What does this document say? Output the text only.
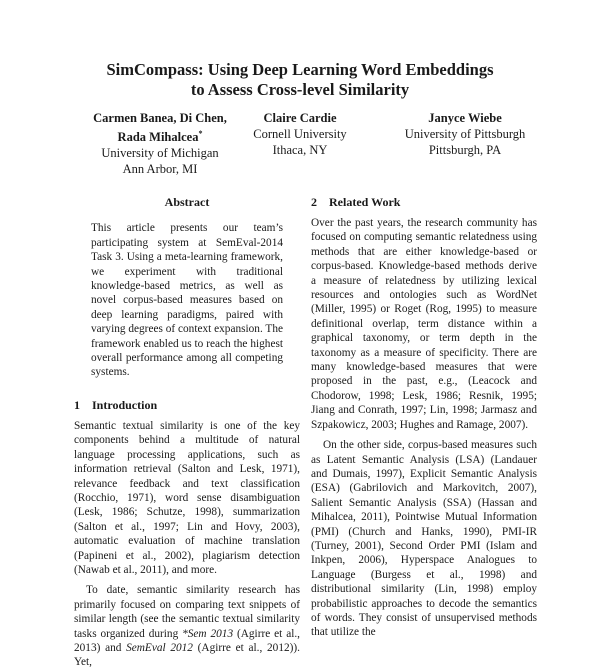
SimCompass: Using Deep Learning Word Embeddings
to Assess Cross-level Similarity
Carmen Banea, Di Chen,
Rada Mihalcea*
University of Michigan
Ann Arbor, MI
Claire Cardie
Cornell University
Ithaca, NY
Janyce Wiebe
University of Pittsburgh
Pittsburgh, PA
Abstract
This article presents our team’s participating system at SemEval-2014 Task 3. Using a meta-learning framework, we experiment with traditional knowledge-based metrics, as well as novel corpus-based measures based on deep learning paradigms, paired with varying degrees of context expansion. The framework enabled us to reach the highest overall performance among all competing systems.
1 Introduction

Semantic textual similarity is one of the key components behind a multitude of natural language processing applications, such as information retrieval (Salton and Lesk, 1971), relevance feedback and text classification (Rocchio, 1971), word sense disambiguation (Lesk, 1986; Schutze, 1998), summarization (Salton et al., 1997; Lin and Hovy, 2003), automatic evaluation of machine translation (Papineni et al., 2002), plagiarism detection (Nawab et al., 2011), and more.

To date, semantic similarity research has primarily focused on comparing text snippets of similar length (see the semantic textual similarity tasks organized during *Sem 2013 (Agirre et al., 2013) and SemEval 2012 (Agirre et al., 2012)). Yet,

2 Related Work

Over the past years, the research community has focused on computing semantic relatedness using methods that are either knowledge-based or corpus-based. Knowledge-based methods derive a measure of relatedness by utilizing lexical resources and ontologies such as WordNet (Miller, 1995) or Roget (Rog, 1995) to measure definitional overlap, term distance within a graphical taxonomy, or term depth in the taxonomy as a measure of specificity. There are many knowledge-based measures that were proposed in the past, e.g., (Leacock and Chodorow, 1998; Lesk, 1986; Resnik, 1995; Jiang and Conrath, 1997; Lin, 1998; Jarmasz and Szpakowicz, 2003; Hughes and Ramage, 2007).

On the other side, corpus-based measures such as Latent Semantic Analysis (LSA) (Landauer and Dumais, 1997), Explicit Semantic Analysis (ESA) (Gabrilovich and Markovitch, 2007), Salient Semantic Analysis (SSA) (Hassan and Mihalcea, 2011), Pointwise Mutual Information (PMI) (Church and Hanks, 1990), PMI-IR (Turney, 2001), Second Order PMI (Islam and Inkpen, 2006), Hyperspace Analogues to Language (Burgess et al., 1998) and distributional similarity (Lin, 1998) employ probabilistic approaches to decode the semantics of words. They consist of unsupervised methods that utilize the
